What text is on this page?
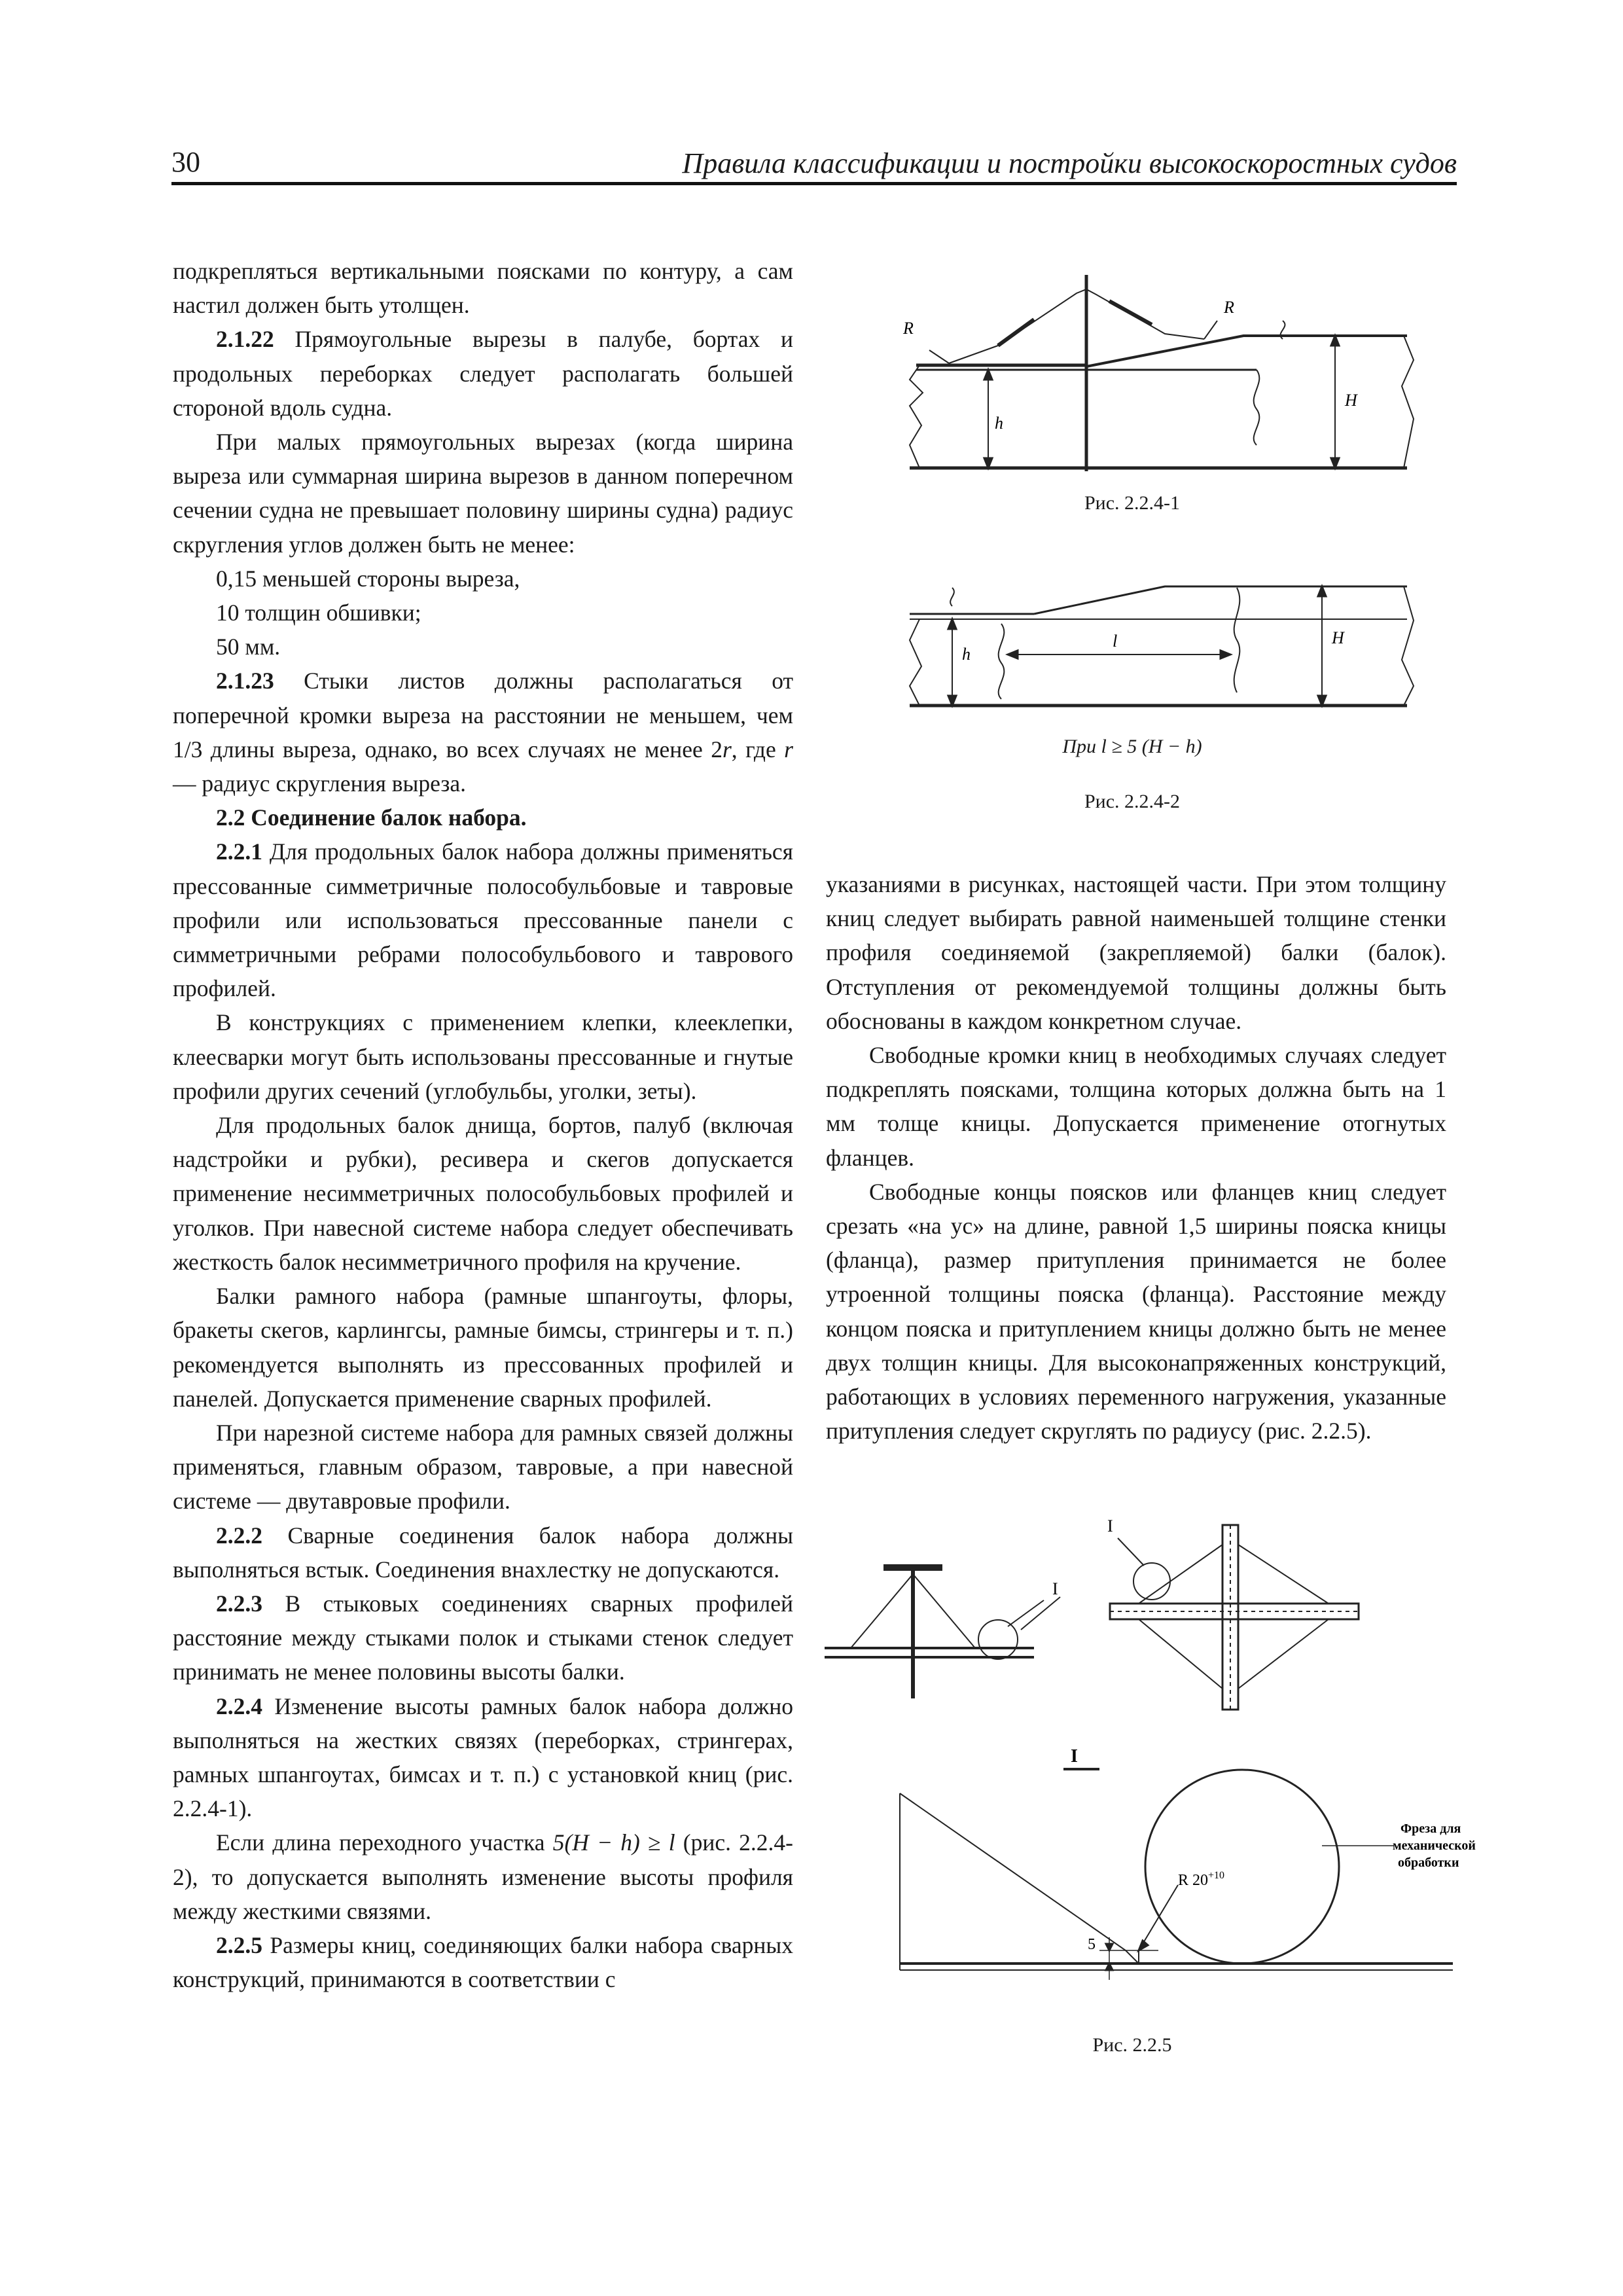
30	Правила классификации и постройки высокоскоростных судов

подкрепляться вертикальными поясками по контуру, а сам настил должен быть утолщен.

2.1.22 Прямоугольные вырезы в палубе, бортах и продольных переборках следует располагать большей стороной вдоль судна.

При малых прямоугольных вырезах (когда ширина выреза или суммарная ширина вырезов в данном поперечном сечении судна не превышает половину ширины судна) радиус скругления углов должен быть не менее:

0,15 меньшей стороны выреза,

10 толщин обшивки;

50 мм.

2.1.23 Стыки листов должны располагаться от поперечной кромки выреза на расстоянии не меньшем, чем 1/3 длины выреза, однако, во всех случаях не менее 2r, где r — радиус скругления выреза.

2.2 Соединение балок набора.

2.2.1 Для продольных балок набора должны применяться прессованные симметричные полособульбовые и тавровые профили или использоваться прессованные панели с симметричными ребрами полособульбового и таврового профилей.

В конструкциях с применением клепки, клееклепки, клеесварки могут быть использованы прессованные и гнутые профили других сечений (углобульбы, уголки, зеты).

Для продольных балок днища, бортов, палуб (включая надстройки и рубки), ресивера и скегов допускается применение несимметричных полособульбовых профилей и уголков. При навесной системе набора следует обеспечивать жесткость балок несимметричного профиля на кручение.

Балки рамного набора (рамные шпангоуты, флоры, бракеты скегов, карлингсы, рамные бимсы, стрингеры и т. п.) рекомендуется выполнять из прессованных профилей и панелей. Допускается применение сварных профилей.

При нарезной системе набора для рамных связей должны применяться, главным образом, тавровые, а при навесной системе — двутавровые профили.

2.2.2 Сварные соединения балок набора должны выполняться встык. Соединения внахлестку не допускаются.

2.2.3 В стыковых соединениях сварных профилей расстояние между стыками полок и стыками стенок следует принимать не менее половины высоты балки.

2.2.4 Изменение высоты рамных балок набора должно выполняться на жестких связях (переборках, стрингерах, рамных шпангоутах, бимсах и т. п.) с установкой книц (рис. 2.2.4-1).

Если длина переходного участка 5(H − h) ≥ l (рис. 2.2.4-2), то допускается выполнять изменение высоты профиля между жесткими связями.

2.2.5 Размеры книц, соединяющих балки набора сварных конструкций, принимаются в соответствии с

указаниями в рисунках, настоящей части. При этом толщину книц следует выбирать равной наименьшей толщине стенки профиля соединяемой (закрепляемой) балки (балок). Отступления от рекомендуемой толщины должны быть обоснованы в каждом конкретном случае.

Свободные кромки книц в необходимых случаях следует подкреплять поясками, толщина которых должна быть на 1 мм толще кницы. Допускается применение отогнутых фланцев.

Свободные концы поясков или фланцев книц следует срезать «на ус» на длине, равной 1,5 ширины пояска кницы (фланца), размер притупления принимается не более утроенной толщины пояска (фланца). Расстояние между концом пояска и притуплением кницы должно быть не менее двух толщин кницы. Для высоконапряженных конструкций, работающих в условиях переменного нагружения, указанные притупления следует скруглять по радиусу (рис. 2.2.5).

R
R
h
H
Рис. 2.2.4-1
h
l	H
При l ≥ 5 (H − h)
Рис. 2.2.4-2
I
I
I
R $20^{+10}$
5
Фреза для
механической
обработки
Рис. 2.2.5
